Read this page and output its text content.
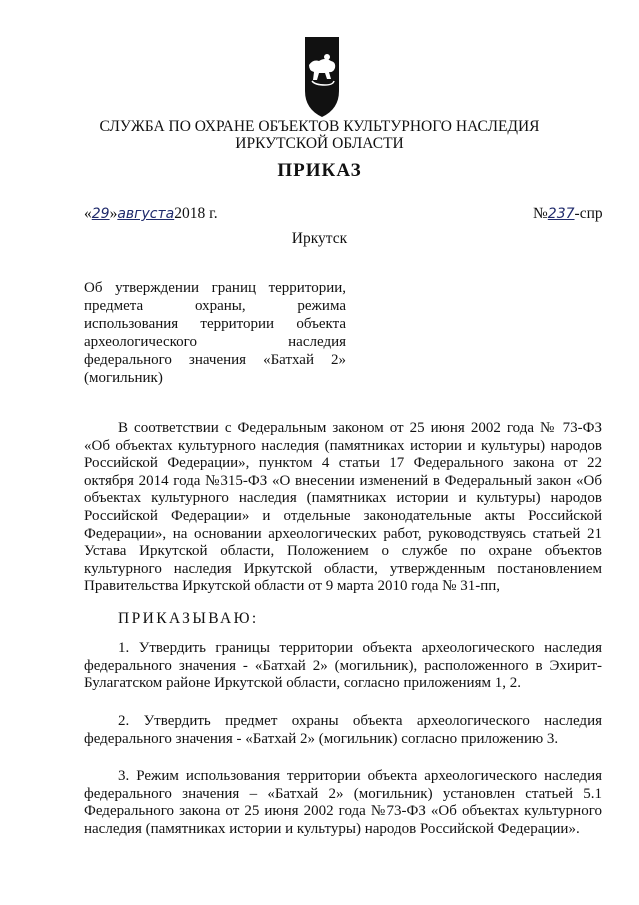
СЛУЖБА ПО ОХРАНЕ ОБЪЕКТОВ КУЛЬТУРНОГО НАСЛЕДИЯ
ИРКУТСКОЙ ОБЛАСТИ
ПРИКАЗ
«29»августа2018 г.	№237-спр
Иркутск
Об утверждении границ территории,
предмета охраны, режима
использования территории объекта
археологического наследия
федерального значения «Батхай 2»
(могильник)
В соответствии с Федеральным законом от 25 июня 2002 года № 73-ФЗ
«Об объектах культурного наследия (памятниках истории и культуры) народов
Российской Федерации», пунктом 4 статьи 17 Федерального закона от 22
октября 2014 года №315-ФЗ «О внесении изменений в Федеральный закон «Об
объектах культурного наследия (памятниках истории и культуры) народов
Российской Федерации» и отдельные законодательные акты Российской
Федерации», на основании археологических работ, руководствуясь статьей 21
Устава Иркутской области, Положением о службе по охране объектов
культурного наследия Иркутской области, утвержденным постановлением
Правительства Иркутской области от 9 марта 2010 года № 31-пп,
ПРИКАЗЫВАЮ:
1. Утвердить границы территории объекта археологического наследия
федерального значения - «Батхай 2» (могильник), расположенного в Эхирит-
Булагатском районе Иркутской области, согласно приложениям 1, 2.
2. Утвердить предмет охраны объекта археологического наследия
федерального значения - «Батхай 2» (могильник) согласно приложению 3.
3. Режим использования территории объекта археологического наследия
федерального значения – «Батхай 2» (могильник) установлен статьей 5.1
Федерального закона от 25 июня 2002 года №73-ФЗ «Об объектах культурного
наследия (памятниках истории и культуры) народов Российской Федерации».
